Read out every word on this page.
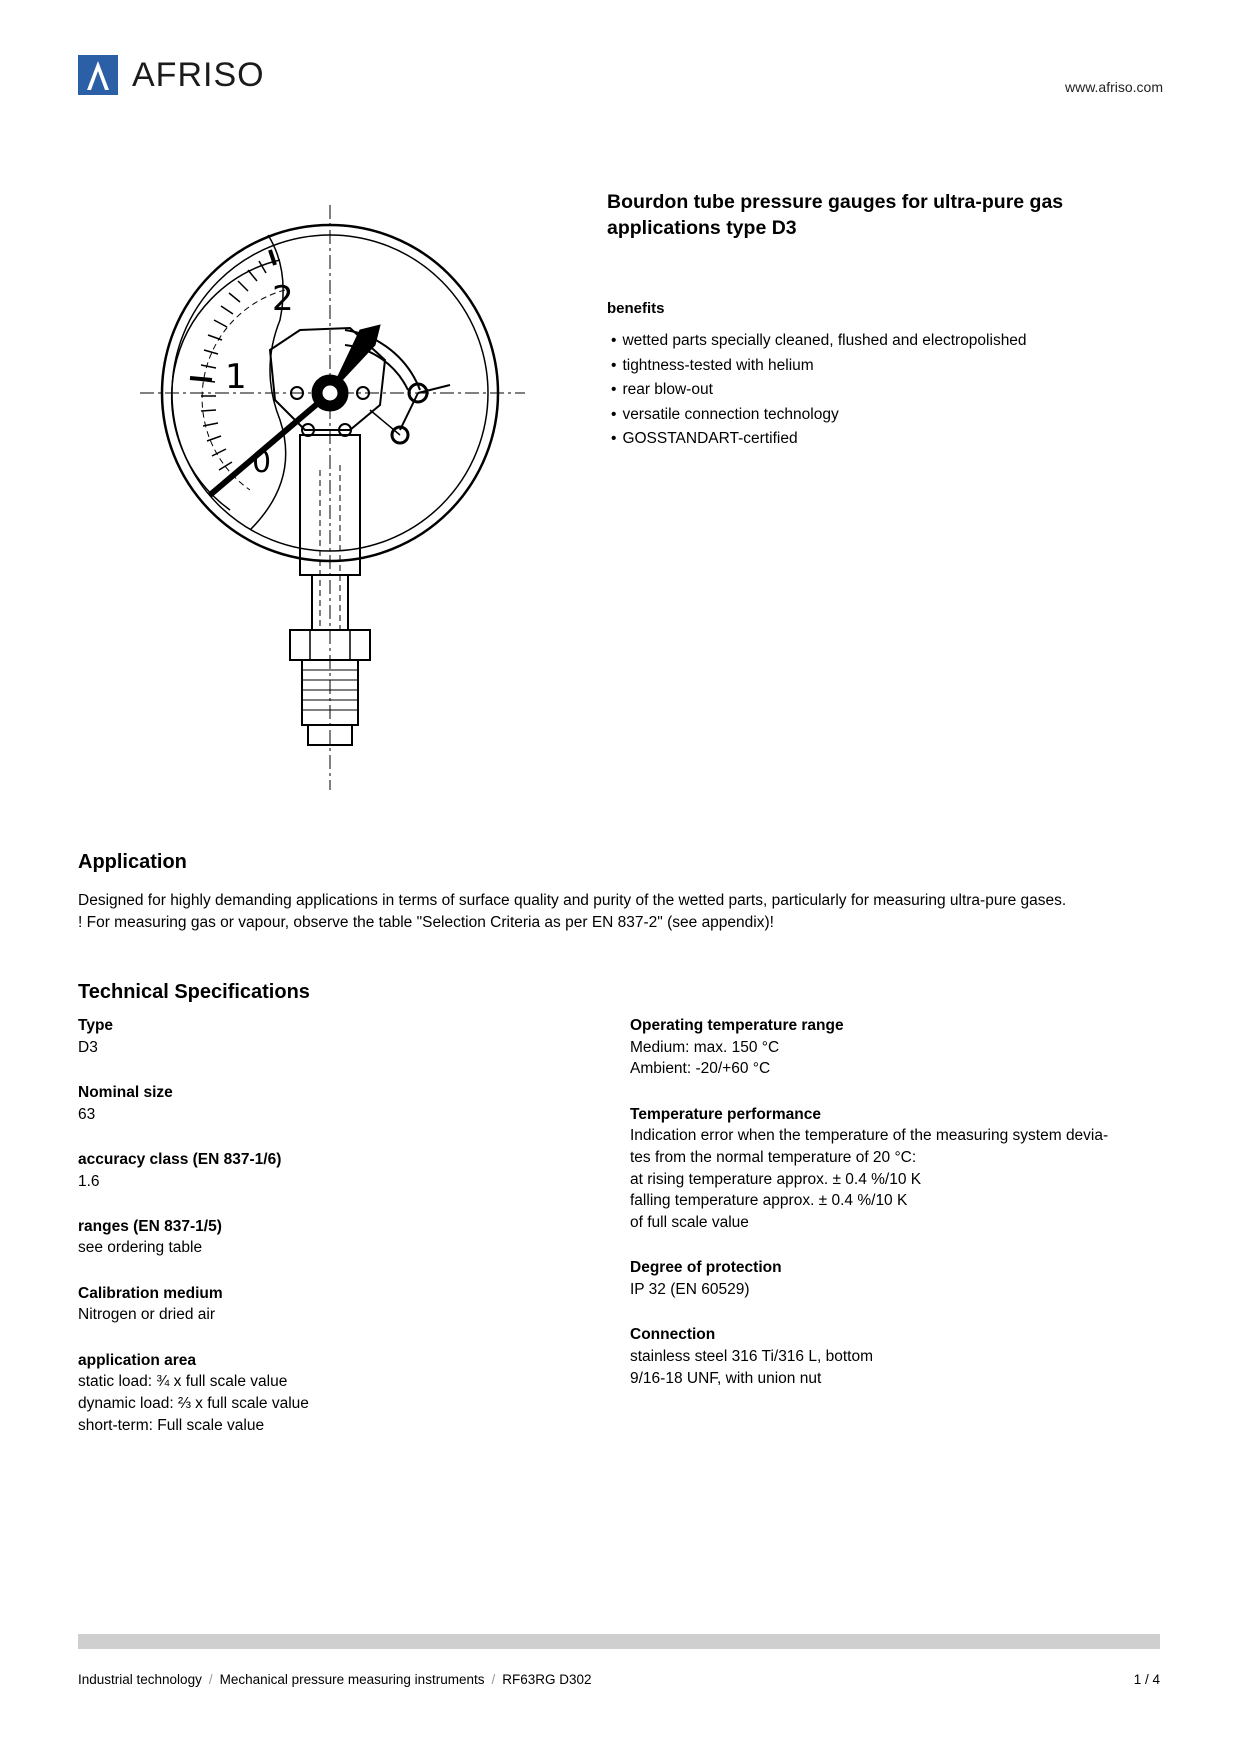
AFRISO	www.afriso.com
1
2
0
Bourdon tube pressure gauges for ultra-pure gas applications type D3
benefits
• wetted parts specially cleaned, flushed and electropolished
• tightness-tested with helium
• rear blow-out
• versatile connection technology
• GOSSTANDART-certified
Application
Designed for highly demanding applications in terms of surface quality and purity of the wetted parts, particularly for measuring ultra-pure gases.
! For measuring gas or vapour, observe the table "Selection Criteria as per EN 837-2" (see appendix)!
Technical Specifications
Type
D3
Nominal size
63
accuracy class (EN 837-1/6)
1.6
ranges (EN 837-1/5)
see ordering table
Calibration medium
Nitrogen or dried air
application area
static load: ¾ x full scale value
dynamic load: ⅔ x full scale value
short-term: Full scale value
Operating temperature range
Medium: max. 150 °C
Ambient: -20/+60 °C
Temperature performance
Indication error when the temperature of the measuring system devia-
tes from the normal temperature of 20 °C:
at rising temperature approx. ± 0.4 %/10 K
falling temperature approx. ± 0.4 %/10 K
of full scale value
Degree of protection
IP 32 (EN 60529)
Connection
stainless steel 316 Ti/316 L, bottom
9/16-18 UNF, with union nut
Industrial technology / Mechanical pressure measuring instruments / RF63RG D302	1 / 4
